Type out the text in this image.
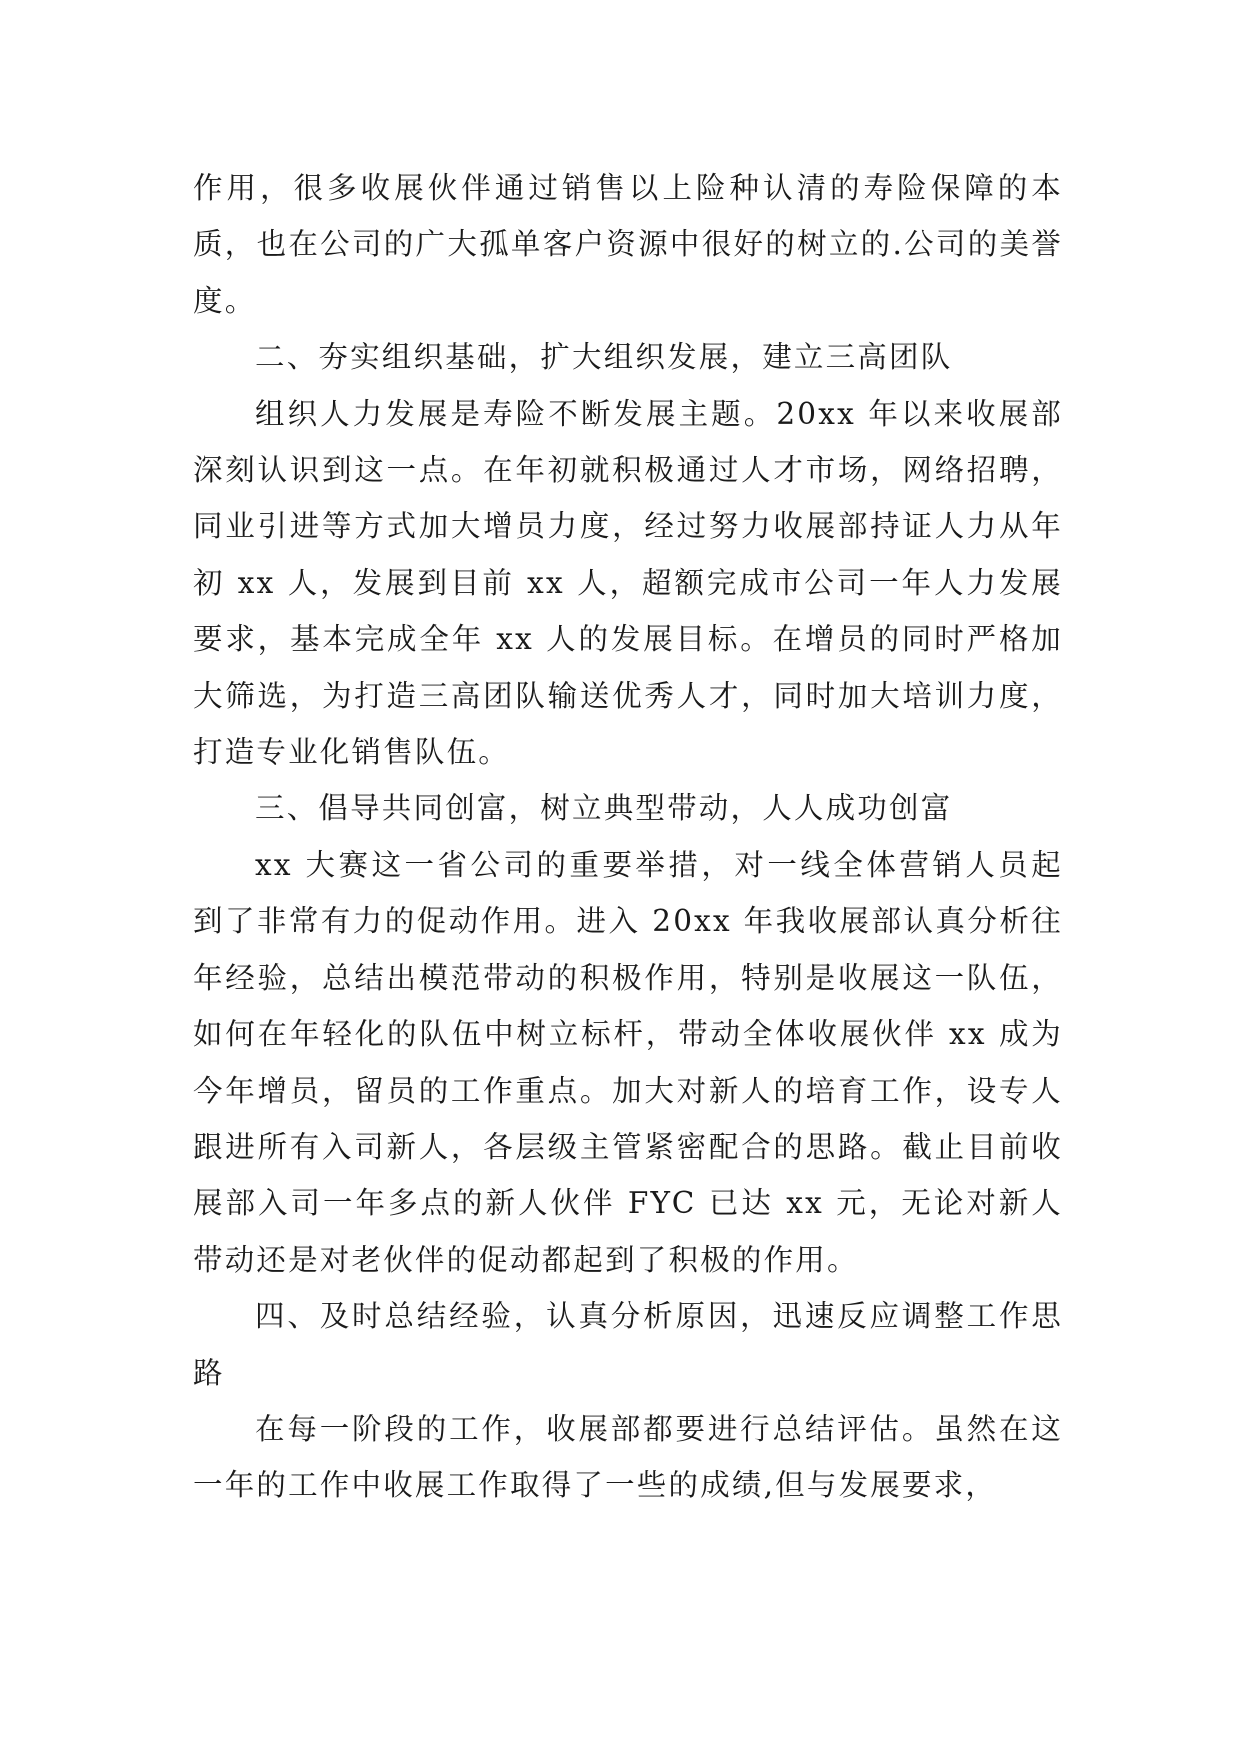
作用，很多收展伙伴通过销售以上险种认清的寿险保障的本质，也在公司的广大孤单客户资源中很好的树立的.公司的美誉度。

二、夯实组织基础，扩大组织发展，建立三高团队

组织人力发展是寿险不断发展主题。20xx 年以来收展部深刻认识到这一点。在年初就积极通过人才市场，网络招聘，同业引进等方式加大增员力度，经过努力收展部持证人力从年初 xx 人，发展到目前 xx 人，超额完成市公司一年人力发展要求，基本完成全年 xx 人的发展目标。在增员的同时严格加大筛选，为打造三高团队输送优秀人才，同时加大培训力度，打造专业化销售队伍。

三、倡导共同创富，树立典型带动，人人成功创富

xx 大赛这一省公司的重要举措，对一线全体营销人员起到了非常有力的促动作用。进入 20xx 年我收展部认真分析往年经验，总结出模范带动的积极作用，特别是收展这一队伍，如何在年轻化的队伍中树立标杆，带动全体收展伙伴 xx 成为今年增员，留员的工作重点。加大对新人的培育工作，设专人跟进所有入司新人，各层级主管紧密配合的思路。截止目前收展部入司一年多点的新人伙伴 FYC 已达 xx 元，无论对新人带动还是对老伙伴的促动都起到了积极的作用。

四、及时总结经验，认真分析原因，迅速反应调整工作思路

在每一阶段的工作，收展部都要进行总结评估。虽然在这一年的工作中收展工作取得了一些的成绩,但与发展要求，
